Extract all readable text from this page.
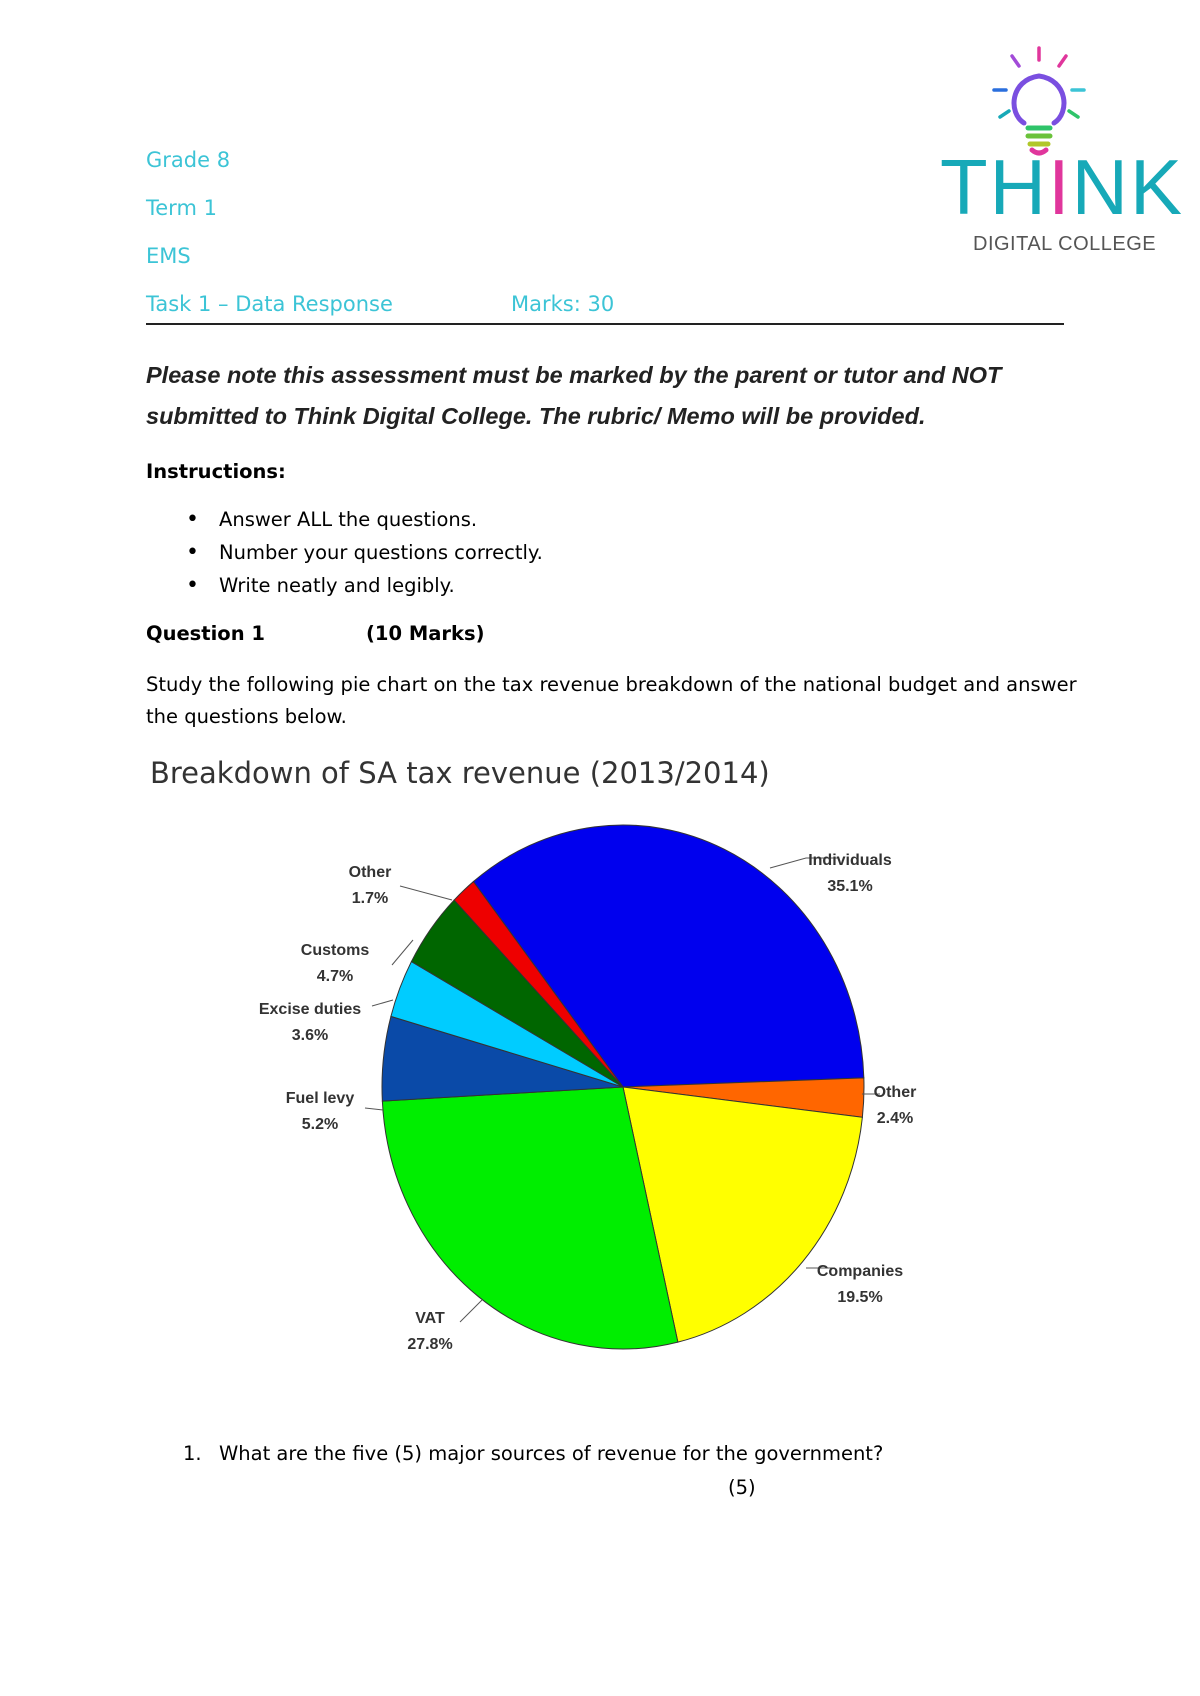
Grade 8
Term 1
EMS
Task 1 – Data Response	Marks: 30
THINK
DIGITAL COLLEGE
Please note this assessment must be marked by the parent or tutor and NOT submitted to Think Digital College. The rubric/ Memo will be provided.
Instructions:
• Answer ALL the questions.
• Number your questions correctly.
• Write neatly and legibly.
Question 1	(10 Marks)
Study the following pie chart on the tax revenue breakdown of the national budget and answer the questions below.
Breakdown of SA tax revenue (2013/2014)
Individuals
35.1%
Other
2.4%
Companies
19.5%
VAT
27.8%
Fuel levy
5.2%
Excise duties
3.6%
Customs
4.7%
Other
1.7%
1. What are the five (5) major sources of revenue for the government?
(5)
